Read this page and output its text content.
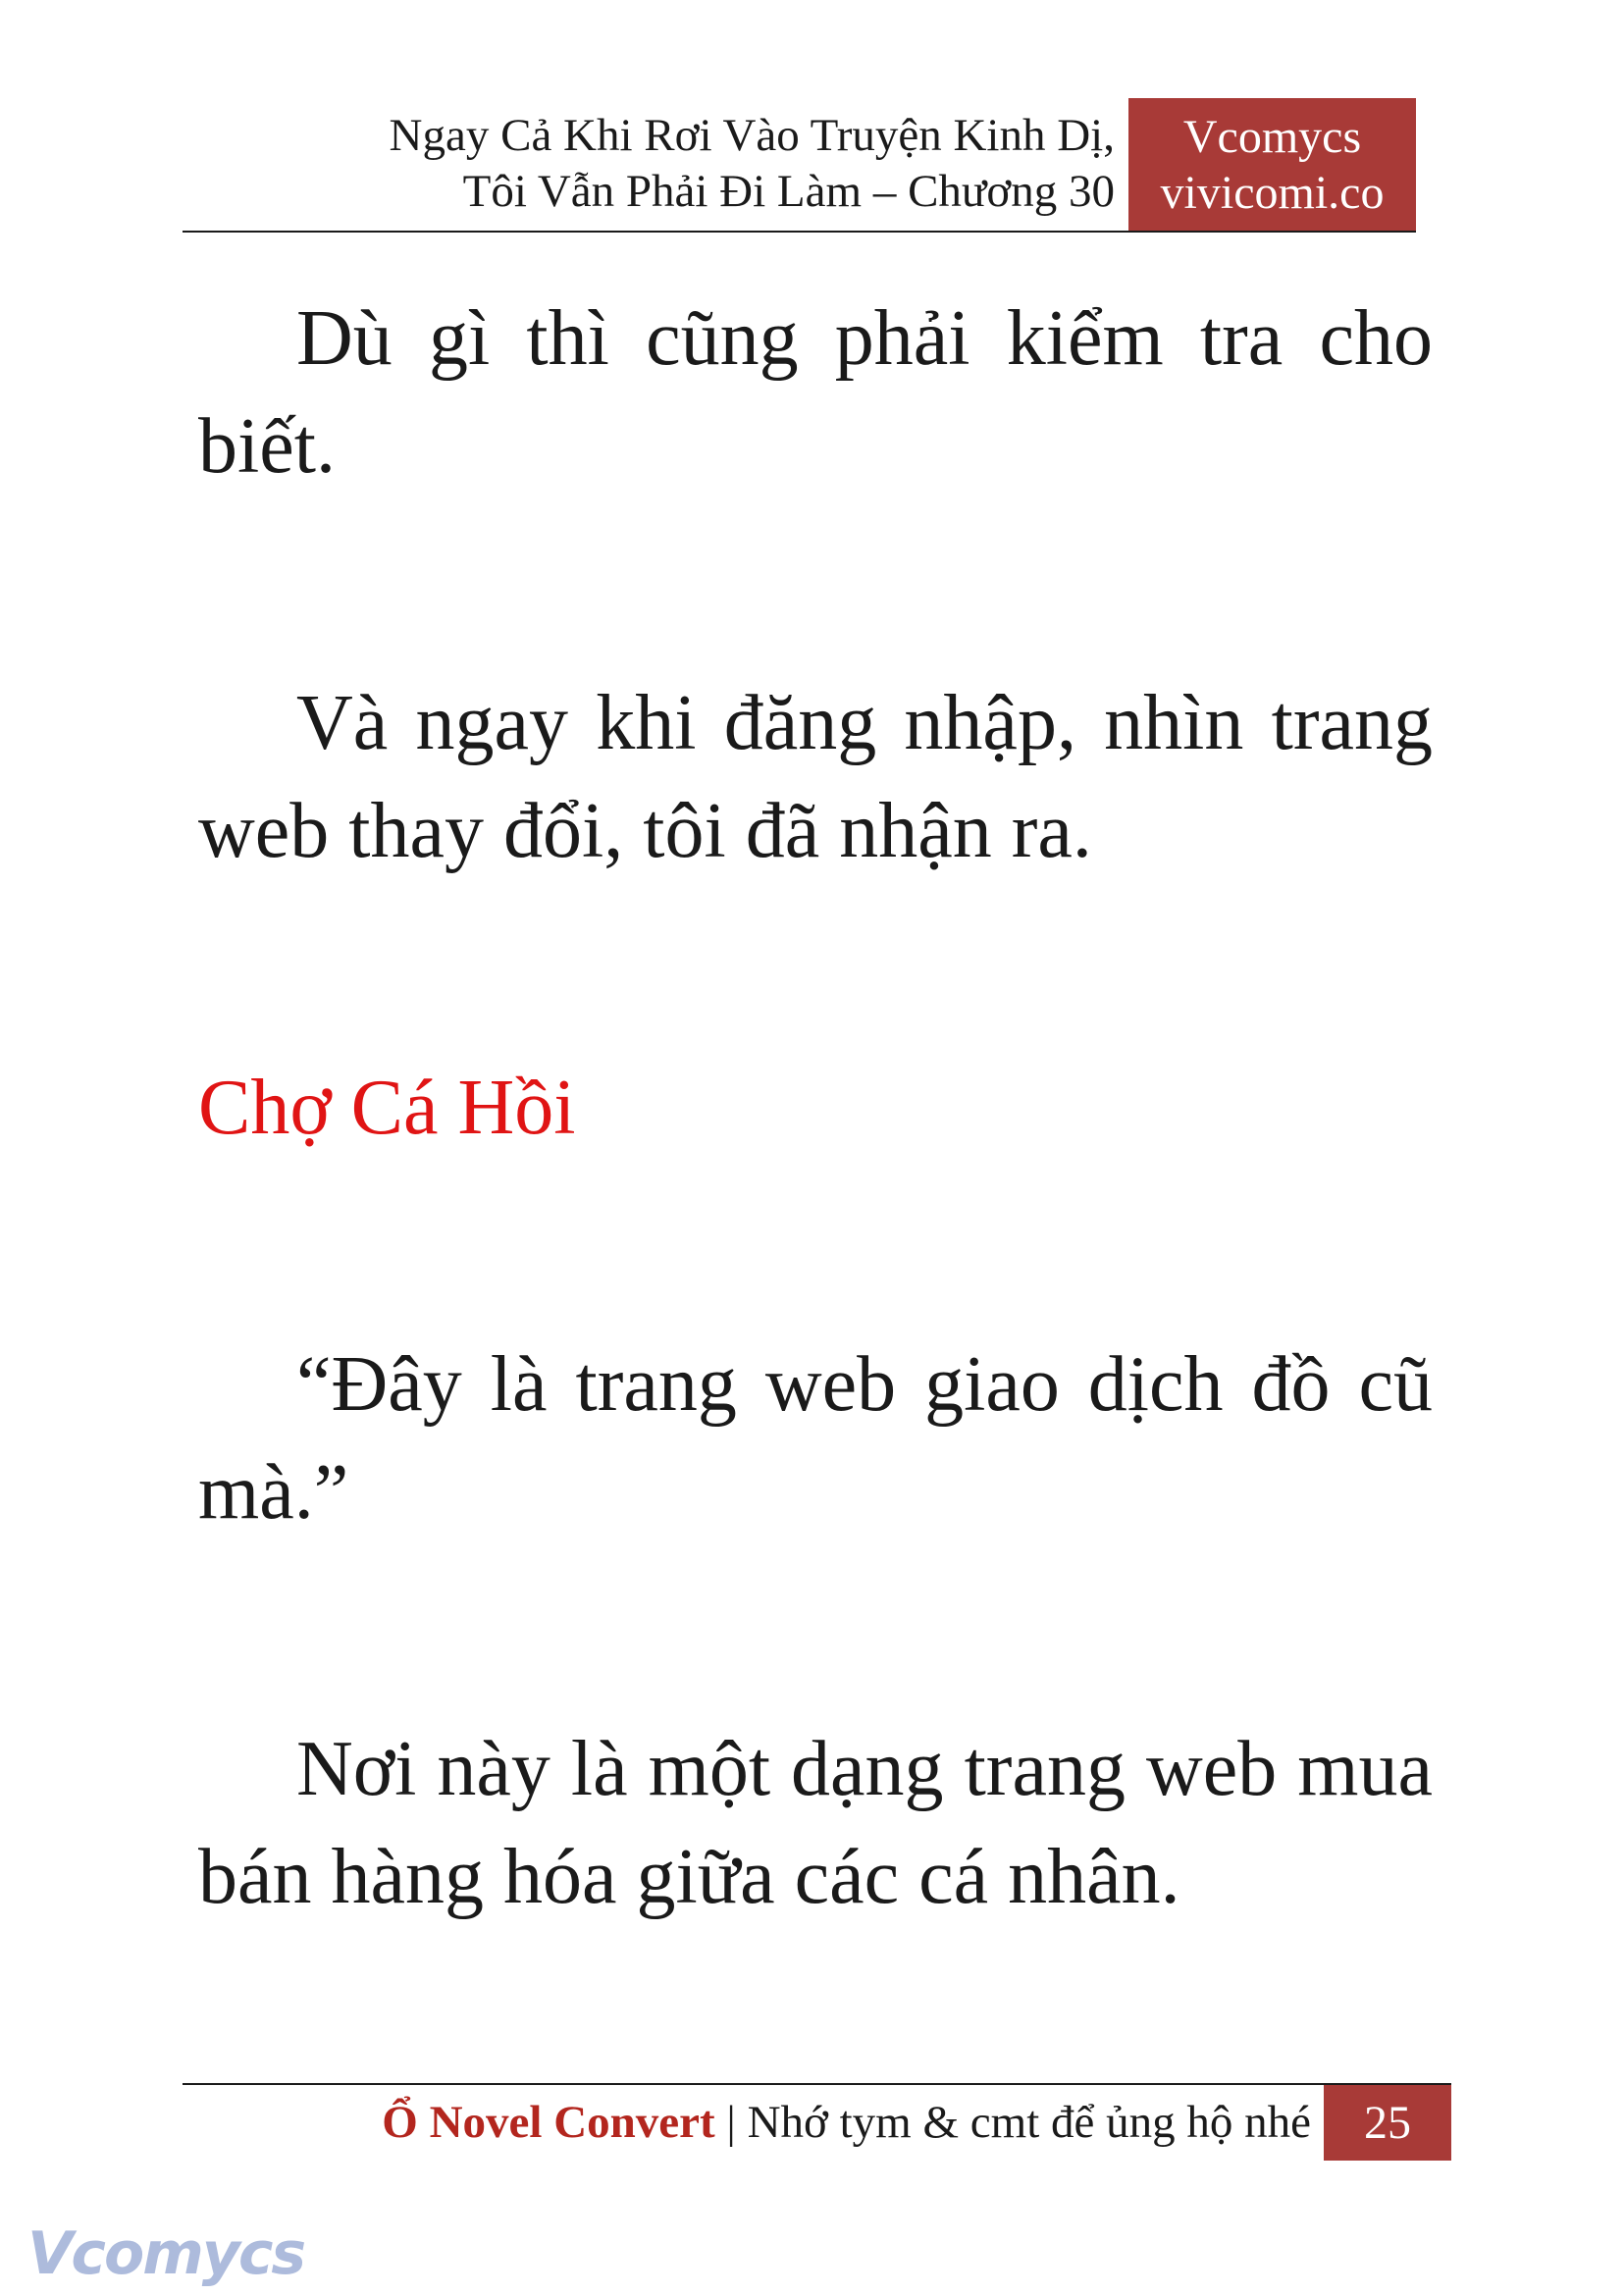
Ngay Cả Khi Rơi Vào Truyện Kinh Dị,
Tôi Vẫn Phải Đi Làm – Chương 30
Vcomycs
vivicomi.co

Dù gì thì cũng phải kiểm tra cho biết.

Và ngay khi đăng nhập, nhìn trang web thay đổi, tôi đã nhận ra.

Chợ Cá Hồi

“Đây là trang web giao dịch đồ cũ mà.”

Nơi này là một dạng trang web mua bán hàng hóa giữa các cá nhân.

Ổ Novel Convert | Nhớ tym & cmt để ủng hộ nhé	25
Vcomycs
